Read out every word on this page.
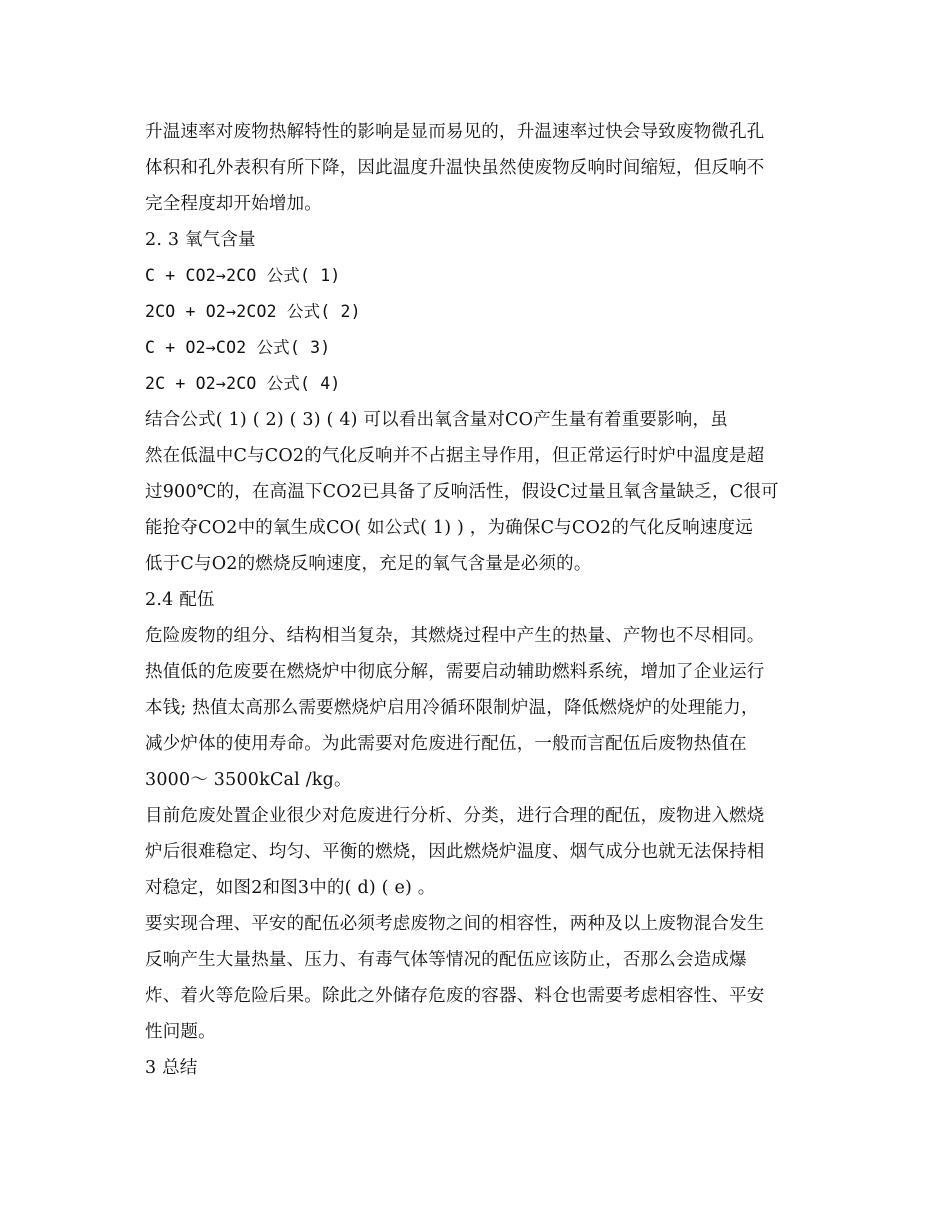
升温速率对废物热解特性的影响是显而易见的，升温速率过快会导致废物微孔孔
体积和孔外表积有所下降，因此温度升温快虽然使废物反响时间缩短，但反响不
完全程度却开始增加。
2. 3 氧气含量
C + CO2→2CO 公式( 1)
2CO + O2→2CO2 公式( 2)
C + O2→CO2 公式( 3)
2C + O2→2CO 公式( 4)
结合公式( 1) ( 2) ( 3) ( 4) 可以看出氧含量对CO产生量有着重要影响，虽
然在低温中C与CO2的气化反响并不占据主导作用，但正常运行时炉中温度是超
过900℃的，在高温下CO2已具备了反响活性，假设C过量且氧含量缺乏，C很可
能抢夺CO2中的氧生成CO( 如公式( 1) ) ，为确保C与CO2的气化反响速度远
低于C与O2的燃烧反响速度，充足的氧气含量是必须的。
2.4 配伍
危险废物的组分、结构相当复杂，其燃烧过程中产生的热量、产物也不尽相同。
热值低的危废要在燃烧炉中彻底分解，需要启动辅助燃料系统，增加了企业运行
本钱; 热值太高那么需要燃烧炉启用冷循环限制炉温，降低燃烧炉的处理能力，
减少炉体的使用寿命。为此需要对危废进行配伍，一般而言配伍后废物热值在
3000～ 3500kCal /kg。
目前危废处置企业很少对危废进行分析、分类，进行合理的配伍，废物进入燃烧
炉后很难稳定、均匀、平衡的燃烧，因此燃烧炉温度、烟气成分也就无法保持相
对稳定，如图2和图3中的( d) ( e) 。
要实现合理、平安的配伍必须考虑废物之间的相容性，两种及以上废物混合发生
反响产生大量热量、压力、有毒气体等情况的配伍应该防止，否那么会造成爆
炸、着火等危险后果。除此之外储存危废的容器、料仓也需要考虑相容性、平安
性问题。
3 总结
